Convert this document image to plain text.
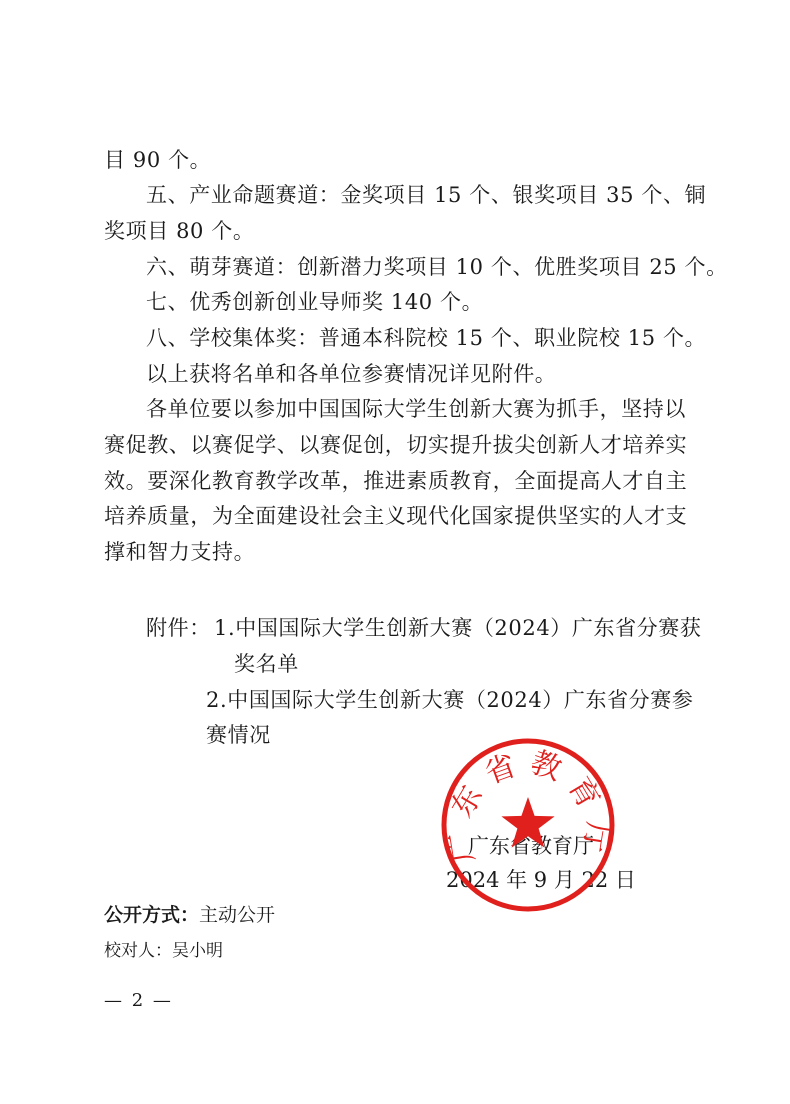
目 90 个。
五、产业命题赛道：金奖项目 15 个、银奖项目 35 个、铜
奖项目 80 个。
六、萌芽赛道：创新潜力奖项目 10 个、优胜奖项目 25 个。
七、优秀创新创业导师奖 140 个。
八、学校集体奖：普通本科院校 15 个、职业院校 15 个。
以上获将名单和各单位参赛情况详见附件。
各单位要以参加中国国际大学生创新大赛为抓手，坚持以
赛促教、以赛促学、以赛促创，切实提升拔尖创新人才培养实
效。要深化教育教学改革，推进素质教育，全面提高人才自主
培养质量，为全面建设社会主义现代化国家提供坚实的人才支
撑和智力支持。
附件： 1.中国国际大学生创新大赛（2024）广东省分赛获
奖名单
2.中国国际大学生创新大赛（2024）广东省分赛参
赛情况
广东省教育厅
2024 年 9 月 22 日
广东省教育厅
公开方式：主动公开
校对人：吴小明
— 2 —
